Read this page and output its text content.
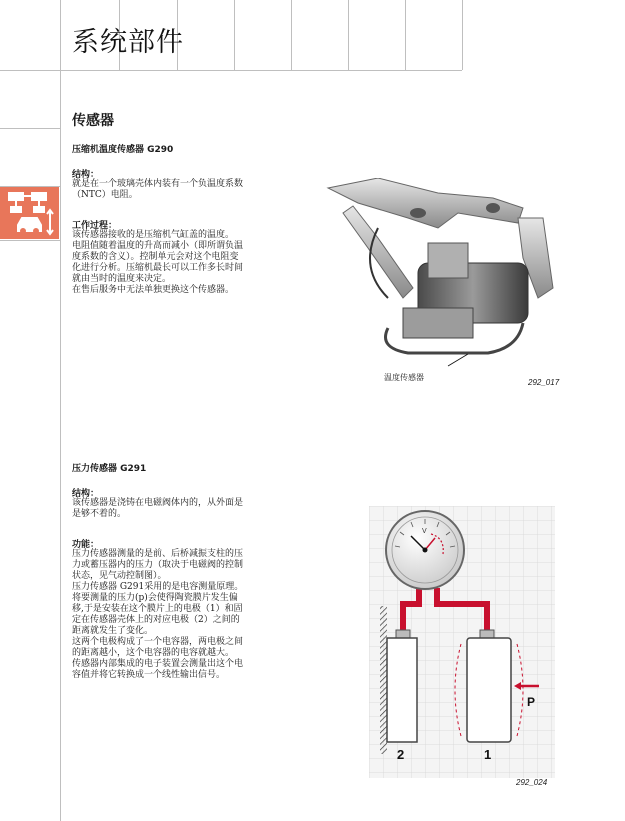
系统部件
传感器
压缩机温度传感器 G290
结构：
就是在一个玻璃壳体内装有一个负温度系数
（NTC）电阻。
工作过程：
该传感器接收的是压缩机气缸盖的温度。
电阻值随着温度的升高而减小（即所谓负温
度系数的含义）。控制单元会对这个电阻变
化进行分析。压缩机最长可以工作多长时间
就由当时的温度来决定。
在售后服务中无法单独更换这个传感器。
温度传感器
292_017
压力传感器 G291
结构：
该传感器是浇铸在电磁阀体内的，从外面是
是够不着的。
功能：
压力传感器测量的是前、后桥减振支柱的压
力或蓄压器内的压力（取决于电磁阀的控制
状态，见气动控制图）。
压力传感器 G291采用的是电容测量原理。
将要测量的压力(p)会使得陶瓷膜片发生偏
移,于是安装在这个膜片上的电极（1）和固
定在传感器壳体上的对应电极（2）之间的
距离就发生了变化。
这两个电极构成了一个电容器，两电极之间
的距离越小，这个电容器的电容就越大。
传感器内部集成的电子装置会测量出这个电
容值并将它转换成一个线性输出信号。
V
P
2	1
292_024
